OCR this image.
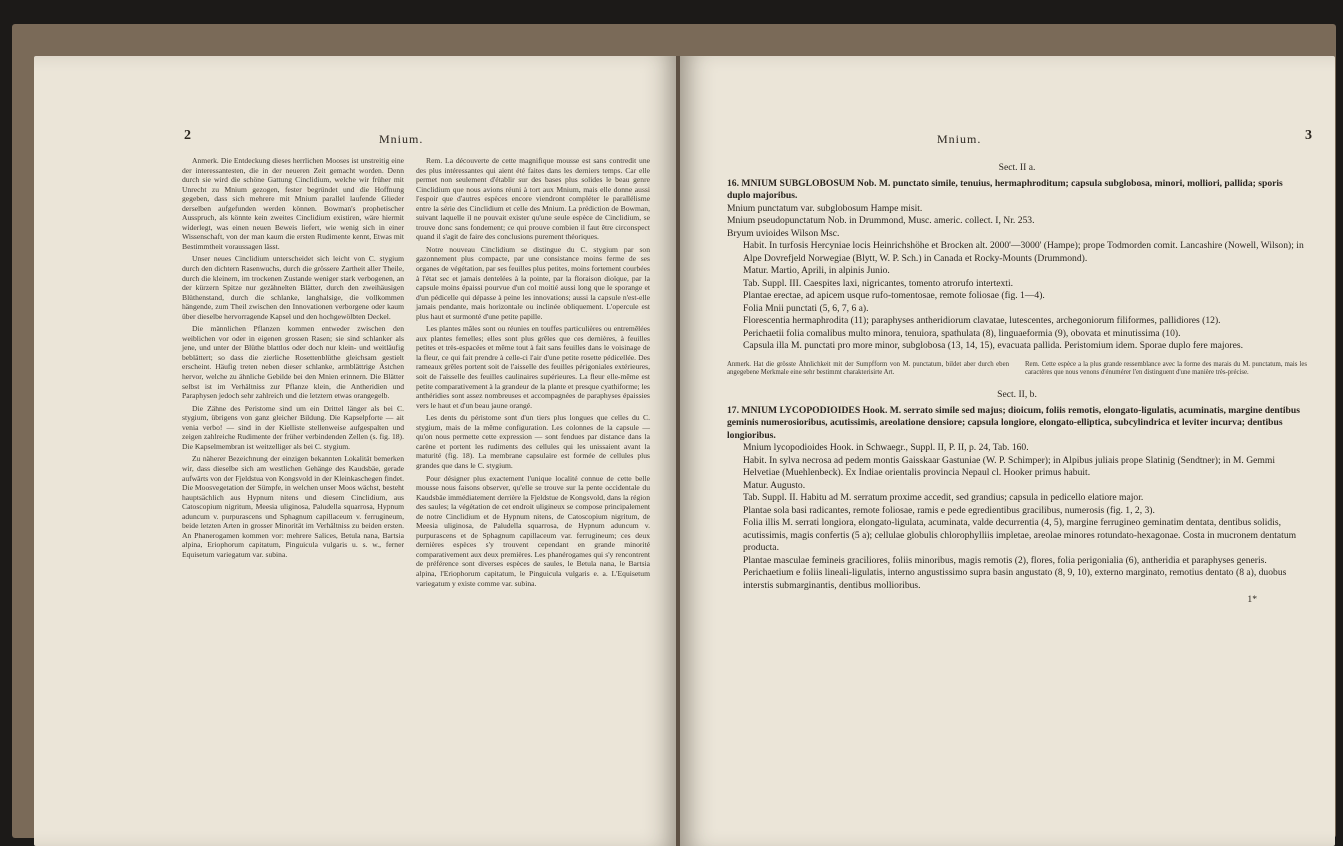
2	Mnium.

Anmerk. Die Entdeckung dieses herrlichen Mooses ist unstreitig eine der interessantesten, die in der neueren Zeit gemacht worden. Denn durch sie wird die schöne Gattung Cinclidium, welche wir früher mit Unrecht zu Mnium gezogen, fester begründet und die Hoffnung gegeben, dass sich mehrere mit Mnium parallel laufende Glieder derselben aufgefunden werden können. Bowman's prophetischer Ausspruch, als könnte kein zweites Cinclidium existiren, wäre hiermit widerlegt, was einen neuen Beweis liefert, wie wenig sich in einer Wissenschaft, von der man kaum die ersten Rudimente kennt, Etwas mit Bestimmtheit voraussagen lässt.

Unser neues Cinclidium unterscheidet sich leicht von C. stygium durch den dichtern Rasenwuchs, durch die grössere Zartheit aller Theile, durch die kleinern, im trockenen Zustande weniger stark verbogenen, an der kürzern Spitze nur gezähnelten Blätter, durch den zweihäusigen Blüthenstand, durch die schlanke, langhalsige, die vollkommen hängende, zum Theil zwischen den Innovationen verborgene oder kaum über dieselbe hervorragende Kapsel und den hochgewölbten Deckel.

Die männlichen Pflanzen kommen entweder zwischen den weiblichen vor oder in eigenen grossen Rasen; sie sind schlanker als jene, und unter der Blüthe blattlos oder doch nur klein- und weitläufig beblättert; so dass die zierliche Rosettenblüthe gleichsam gestielt erscheint. Häufig treten neben dieser schlanke, armblättrige Ästchen hervor, welche zu ähnliche Gebilde bei den Mnien erinnern. Die Blätter selbst ist im Verhältniss zur Pflanze klein, die Antheridien und Paraphysen jedoch sehr zahlreich und die letztern etwas orangegelb.

Die Zähne des Peristome sind um ein Drittel länger als bei C. stygium, übrigens von ganz gleicher Bildung. Die Kapselpforte — ait venia verbo! — sind in der Kielliste stellenweise aufgespalten und zeigen zahlreiche Rudimente der früher verbindenden Zellen (s. fig. 18). Die Kapselmembran ist weitzelliger als bei C. stygium.

Zu näherer Bezeichnung der einzigen bekannten Lokalität bemerken wir, dass dieselbe sich am westlichen Gehänge des Kaudsbäe, gerade aufwärts von der Fjeldstua von Kongsvold in der Kleinkaschegen findet. Die Moosvegetation der Sümpfe, in welchen unser Moos wächst, besteht hauptsächlich aus Hypnum nitens und diesem Cinclidium, aus Catoscopium nigritum, Meesia uliginosa, Paludella squarrosa, Hypnum aduncum v. purpurascens und Sphagnum capillaceum v. ferrugineum, beide letzten Arten in grosser Minorität im Verhältniss zu beiden ersten. An Phanerogamen kommen vor: mehrere Salices, Betula nana, Bartsia alpina, Eriophorum capitatum, Pinguicula vulgaris u. s. w., ferner Equisetum variegatum var. subina.

Rem. La découverte de cette magnifique mousse est sans contredit une des plus intéressantes qui aient été faites dans les derniers temps. Car elle permet non seulement d'établir sur des bases plus solides le beau genre Cinclidium que nous avions réuni à tort aux Mnium, mais elle donne aussi l'espoir que d'autres espèces encore viendront compléter le parallélisme entre la série des Cinclidium et celle des Mnium. La prédiction de Bowman, suivant laquelle il ne pouvait exister qu'une seule espèce de Cinclidium, se trouve donc sans fondement; ce qui prouve combien il faut être circonspect quand il s'agit de faire des conclusions purement théoriques.

Notre nouveau Cinclidium se distingue du C. stygium par son gazonnement plus compacte, par une consistance moins ferme de ses organes de végétation, par ses feuilles plus petites, moins fortement courbées à l'état sec et jamais dentelées à la pointe, par la floraison dioïque, par la capsule moins épaissi pourvue d'un col moitié aussi long que le sporange et d'un pédicelle qui dépasse à peine les innovations; aussi la capsule n'est-elle jamais pendante, mais horizontale ou inclinée obliquement. L'opercule est plus haut et surmonté d'une petite papille.

Les plantes mâles sont ou réunies en touffes particulières ou entremêlées aux plantes femelles; elles sont plus grêles que ces dernières, à feuilles petites et très-espacées et même tout à fait sans feuilles dans le voisinage de la fleur, ce qui fait prendre à celle-ci l'air d'une petite rosette pédicellée. Des rameaux grêles portent soit de l'aisselle des feuilles périgoniales extérieures, soit de l'aisselle des feuilles caulinaires supérieures. La fleur elle-même est petite comparativement à la grandeur de la plante et presque cyathiforme; les anthéridies sont assez nombreuses et accompagnées de paraphyses épaissies vers le haut et d'un beau jaune orangé.

Les dents du péristome sont d'un tiers plus longues que celles du C. stygium, mais de la même configuration. Les colonnes de la capsule — qu'on nous permette cette expression — sont fendues par distance dans la carène et portent les rudiments des cellules qui les unissaient avant la maturité (fig. 18). La membrane capsulaire est formée de cellules plus grandes que dans le C. stygium.

Pour désigner plus exactement l'unique localité connue de cette belle mousse nous faisons observer, qu'elle se trouve sur la pente occidentale du Kaudsbäe immédiatement derrière la Fjeldstue de Kongsvold, dans la région des saules; la végétation de cet endroit uligineux se compose principalement de notre Cinclidium et de Hypnum nitens, de Catoscopium nigritum, de Meesia uliginosa, de Paludella squarrosa, de Hypnum aduncum v. purpurascens et de Sphagnum capillaceum var. ferrugineum; ces deux dernières espèces s'y trouvent cependant en grande minorité comparativement aux deux premières. Les phanérogames qui s'y rencontrent de préférence sont diverses espèces de saules, le Betula nana, le Bartsia alpina, l'Eriophorum capitatum, le Pinguicula vulgaris e. a. L'Equisetum variegatum y existe comme var. subina.

Mnium.	3

Sect. II a.

16. MNIUM SUBGLOBOSUM Nob. M. punctato simile, tenuius, hermaphroditum; capsula subglobosa, minori, molliori, pallida; sporis duplo majoribus.

Mnium punctatum var. subglobosum Hampe misit.

Mnium pseudopunctatum Nob. in Drummond, Musc. americ. collect. I, Nr. 253.

Bryum uvioides Wilson Msc.

Habit. In turfosis Hercyniae locis Heinrichshöhe et Brocken alt. 2000'—3000' (Hampe); prope Todmorden comit. Lancashire (Nowell, Wilson); in Alpe Dovrefjeld Norwegiae (Blytt, W. P. Sch.) in Canada et Rocky-Mounts (Drummond).

Matur. Martio, Aprili, in alpinis Junio.

Tab. Suppl. III. Caespites laxi, nigricantes, tomento atrorufo intertexti.

Plantae erectae, ad apicem usque rufo-tomentosae, remote foliosae (fig. 1—4).

Folia Mnii punctati (5, 6, 7, 6 a).

Florescentia hermaphrodita (11); paraphyses antheridiorum clavatae, lutescentes, archegoniorum filiformes, pallidiores (12).

Perichaetii folia comalibus multo minora, tenuiora, spathulata (8), linguaeformia (9), obovata et minutissima (10).

Capsula illa M. punctati pro more minor, subglobosa (13, 14, 15), evacuata pallida. Peristomium idem. Sporae duplo fere majores.

Anmerk. Hat die grösste Ähnlichkeit mit der Sumpfform von M. punctatum, bildet aber durch eben angegebene Merkmale eine sehr bestimmt charakterisirte Art.
Rem. Cette espèce a la plus grande ressemblance avec la forme des marais du M. punctatum, mais les caractères que nous venons d'énumérer l'en distinguent d'une manière très-précise.

Sect. II, b.

17. MNIUM LYCOPODIOIDES Hook. M. serrato simile sed majus; dioicum, foliis remotis, elongato-ligulatis, acuminatis, margine dentibus geminis numerosioribus, acutissimis, areolatione densiore; capsula longiore, elongato-elliptica, subcylindrica et leviter incurva; dentibus longioribus.

Mnium lycopodioides Hook. in Schwaegr., Suppl. II, P. II, p. 24, Tab. 160.

Habit. In sylva necrosa ad pedem montis Gaisskaar Gastuniae (W. P. Schimper); in Alpibus juliais prope Slatinig (Sendtner); in M. Gemmi Helvetiae (Muehlenbeck). Ex Indiae orientalis provincia Nepaul cl. Hooker primus habuit.

Matur. Augusto.

Tab. Suppl. II. Habitu ad M. serratum proxime accedit, sed grandius; capsula in pedicello elatiore major.

Plantae sola basi radicantes, remote foliosae, ramis e pede egredientibus gracilibus, numerosis (fig. 1, 2, 3).

Folia illis M. serrati longiora, elongato-ligulata, acuminata, valde decurrentia (4, 5), margine ferrugineo geminatim dentata, dentibus solidis, acutissimis, magis confertis (5 a); cellulae globulis chlorophylliis impletae, areolae minores rotundato-hexagonae. Costa in mucronem dentatum producta.

Plantae masculae femineis graciliores, foliis minoribus, magis remotis (2), flores, folia perigonialia (6), antheridia et paraphyses generis.

Perichaetium e foliis lineali-ligulatis, interno angustissimo supra basin angustato (8, 9, 10), externo marginato, remotius dentato (8 a), duobus interstis submarginantis, dentibus mollioribus.

1*
